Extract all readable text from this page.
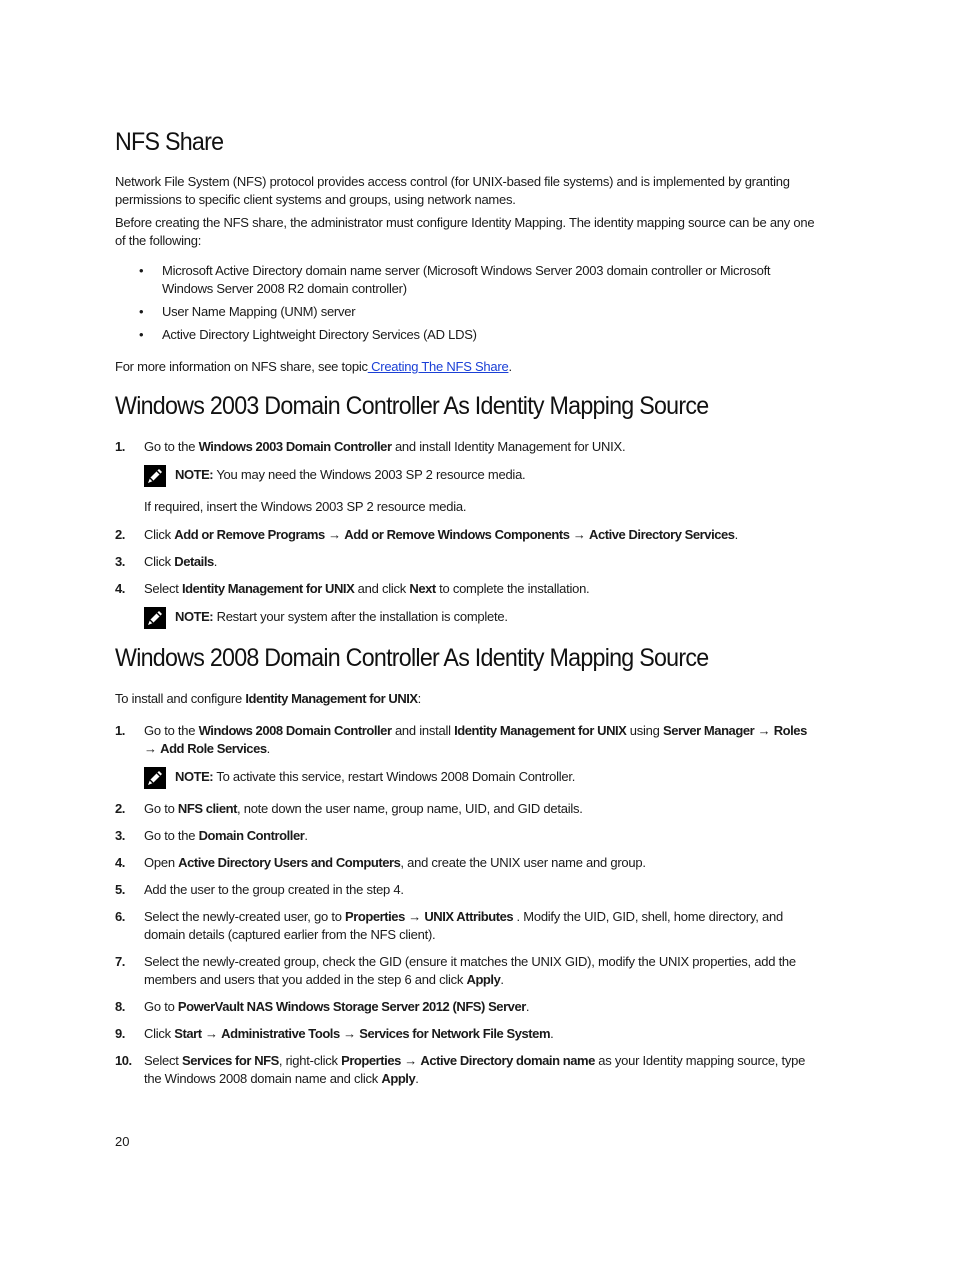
NFS Share

Network File System (NFS) protocol provides access control (for UNIX-based file systems) and is implemented by granting permissions to specific client systems and groups, using network names.

Before creating the NFS share, the administrator must configure Identity Mapping. The identity mapping source can be any one of the following:

• Microsoft Active Directory domain name server (Microsoft Windows Server 2003 domain controller or Microsoft Windows Server 2008 R2 domain controller)
• User Name Mapping (UNM) server
• Active Directory Lightweight Directory Services (AD LDS)

For more information on NFS share, see topic Creating The NFS Share.

Windows 2003 Domain Controller As Identity Mapping Source
1. Go to the Windows 2003 Domain Controller and install Identity Management for UNIX.
NOTE: You may need the Windows 2003 SP 2 resource media.

If required, insert the Windows 2003 SP 2 resource media.

2. Click Add or Remove Programs → Add or Remove Windows Components → Active Directory Services.
3. Click Details.
4. Select Identity Management for UNIX and click Next to complete the installation.
NOTE: Restart your system after the installation is complete.
Windows 2008 Domain Controller As Identity Mapping Source

To install and configure Identity Management for UNIX:

1. Go to the Windows 2008 Domain Controller and install Identity Management for UNIX using Server Manager → Roles → Add Role Services.
NOTE: To activate this service, restart Windows 2008 Domain Controller.
2. Go to NFS client, note down the user name, group name, UID, and GID details.
3. Go to the Domain Controller.
4. Open Active Directory Users and Computers, and create the UNIX user name and group.
5. Add the user to the group created in the step 4.
6. Select the newly-created user, go to Properties → UNIX Attributes . Modify the UID, GID, shell, home directory, and domain details (captured earlier from the NFS client).
7. Select the newly-created group, check the GID (ensure it matches the UNIX GID), modify the UNIX properties, add the members and users that you added in the step 6 and click Apply.
8. Go to PowerVault NAS Windows Storage Server 2012 (NFS) Server.
9. Click Start → Administrative Tools → Services for Network File System.
10. Select Services for NFS, right-click Properties → Active Directory domain name as your Identity mapping source, type the Windows 2008 domain name and click Apply.
20
